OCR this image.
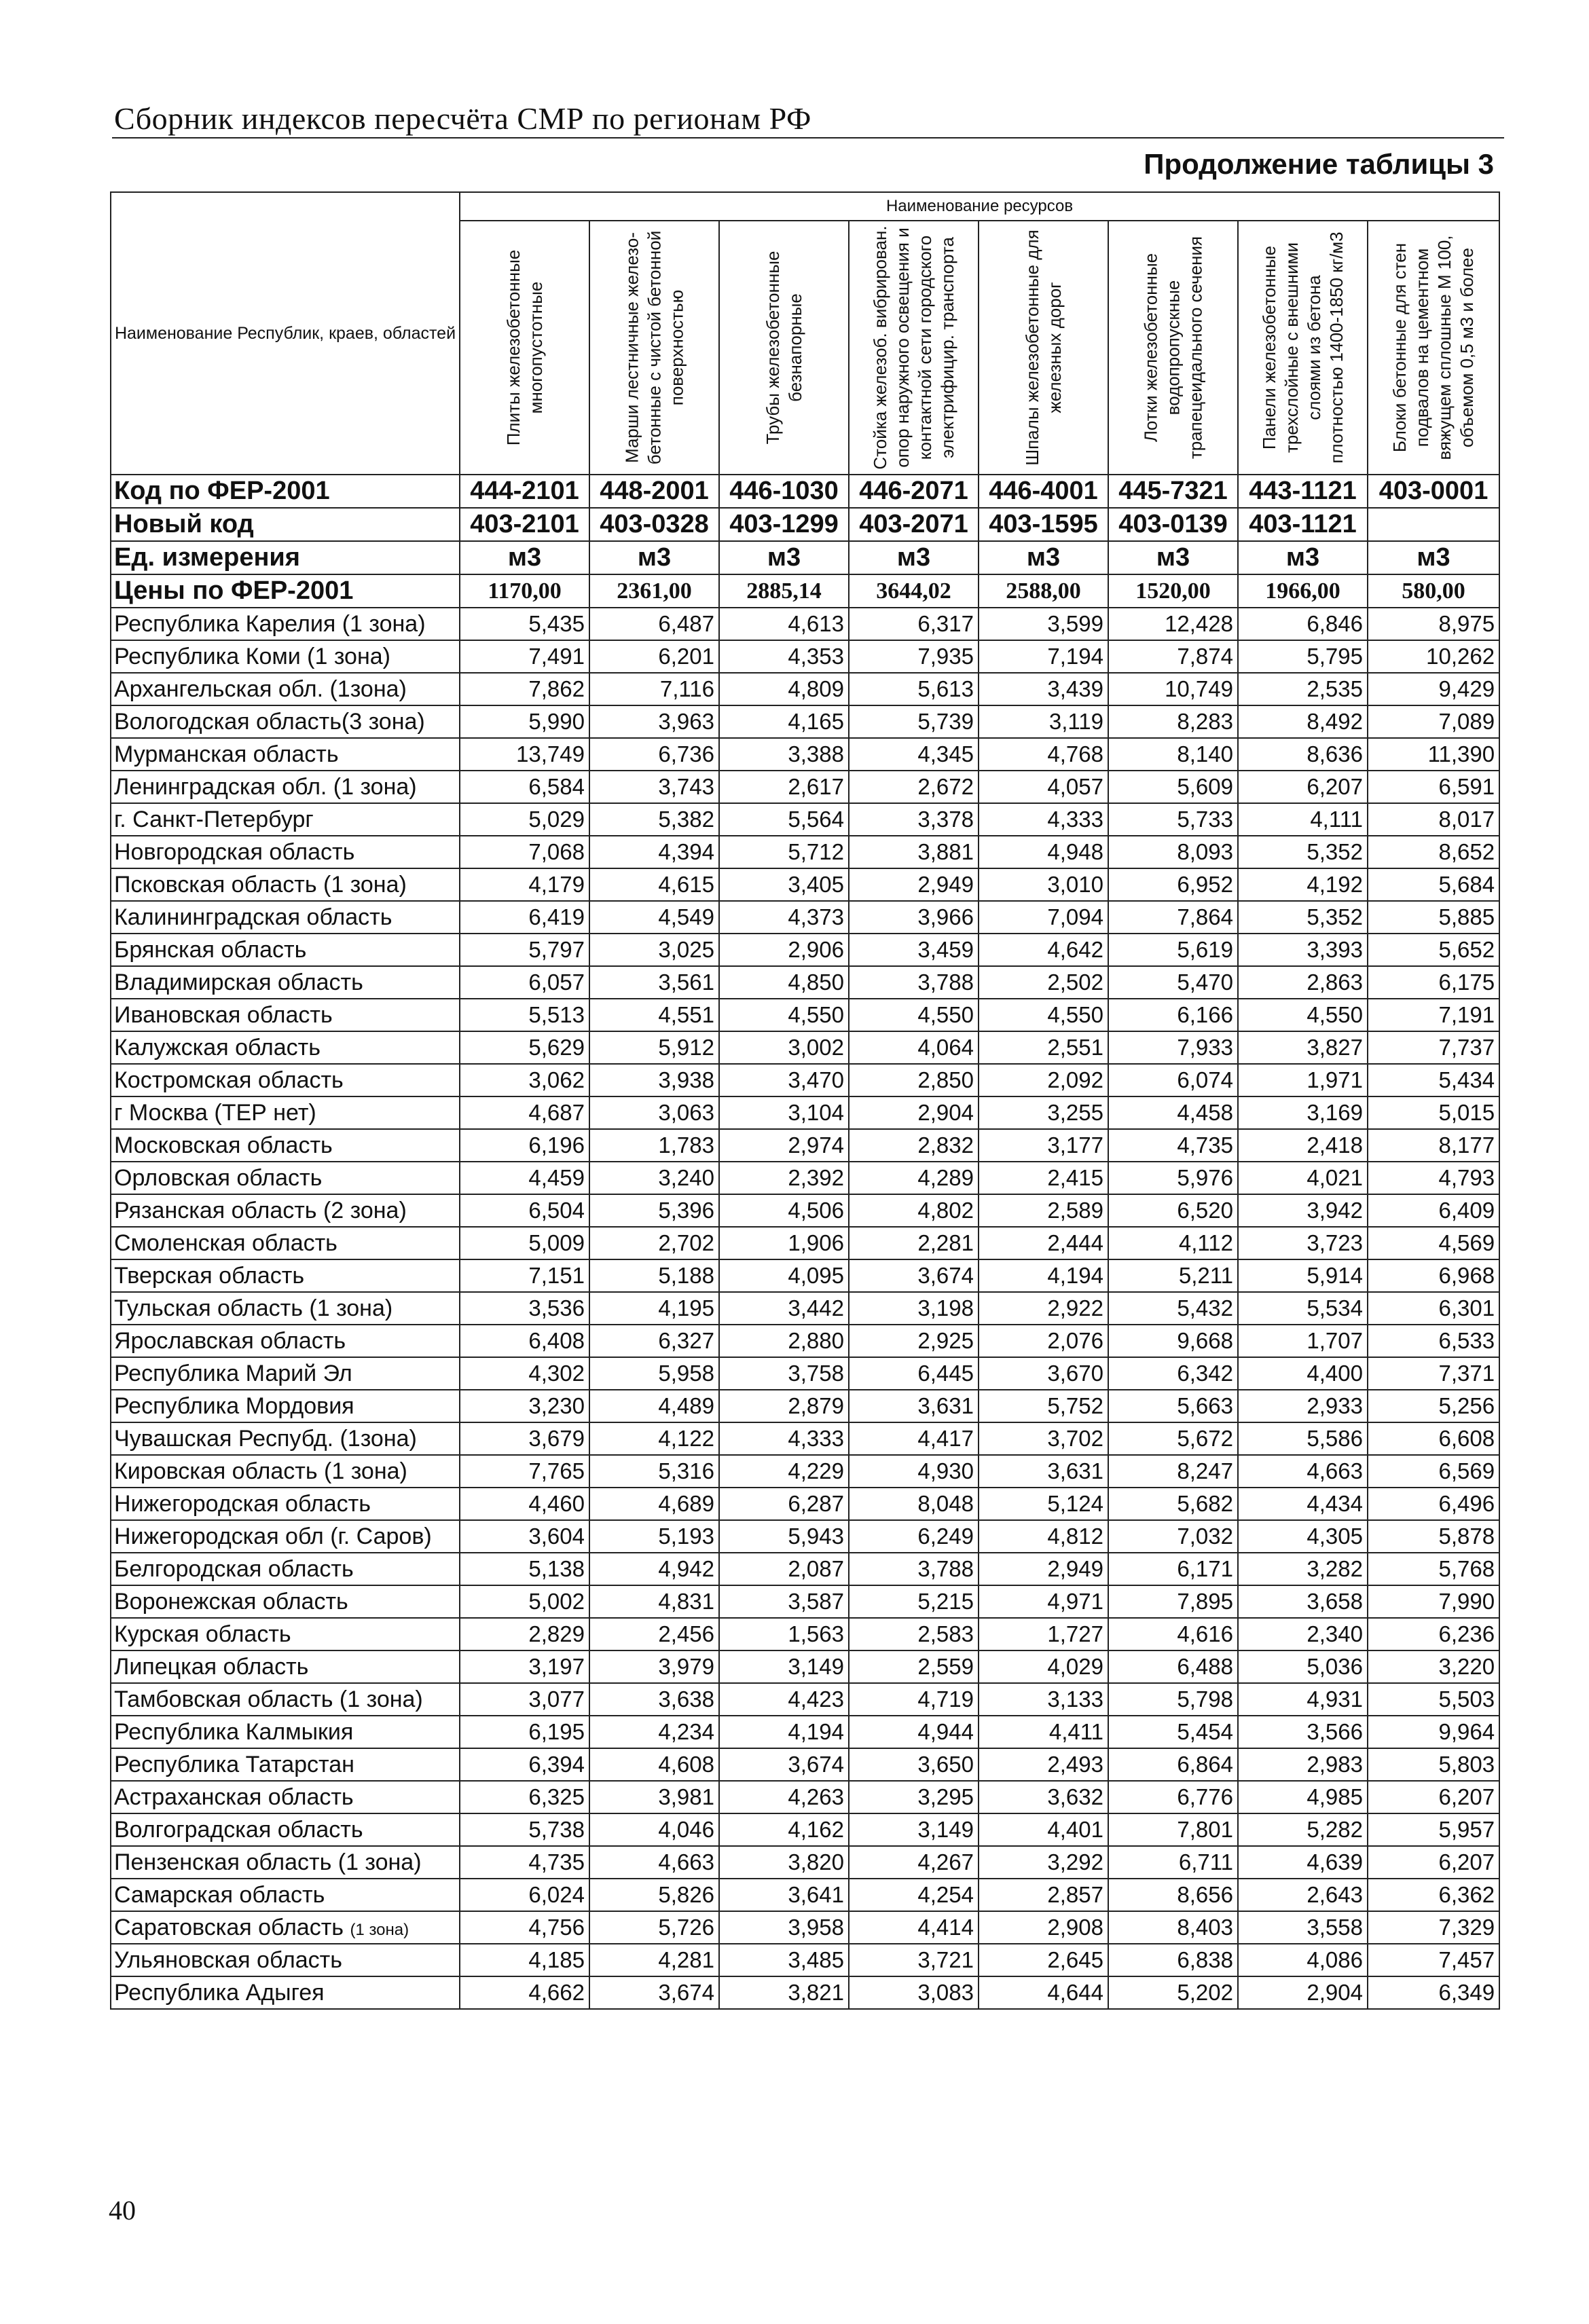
Сборник индексов пересчёта СМР по регионам РФ
Продолжение таблицы 3
Наименование Республик, краев, областей	Наименование ресурсов							

	Плиты железобетонные многопустотные	Марши лестничные железо-бетонные с чистой бетонной поверхностью	Трубы железобетонные безнапорные	Стойка железоб. вибрирован. опор наружного освещения и контактной сети городского электрифицир. транспорта	Шпалы железобетонные для железных дорог	Лотки железобетонные водопропускные трапецеидального сечения	Панели железобетонные трехслойные с внешними слоями из бетона плотностью 1400-1850 кг/м3	Блоки бетонные для стен подвалов на цементном вяжущем сплошные М 100, объемом 0,5 м3 и более

Код по ФЕР-2001	444-2101	448-2001	446-1030	446-2071	446-4001	445-7321	443-1121	403-0001
Новый код	403-2101	403-0328	403-1299	403-2071	403-1595	403-0139	403-1121	
Ед. измерения	м3	м3	м3	м3	м3	м3	м3	м3
Цены по ФЕР-2001	1170,00	2361,00	2885,14	3644,02	2588,00	1520,00	1966,00	580,00
Республика Карелия (1 зона)	5,435	6,487	4,613	6,317	3,599	12,428	6,846	8,975
Республика Коми (1 зона)	7,491	6,201	4,353	7,935	7,194	7,874	5,795	10,262
Архангельская обл. (1зона)	7,862	7,116	4,809	5,613	3,439	10,749	2,535	9,429
Вологодская область(3 зона)	5,990	3,963	4,165	5,739	3,119	8,283	8,492	7,089
Мурманская область	13,749	6,736	3,388	4,345	4,768	8,140	8,636	11,390
Ленинградская обл. (1 зона)	6,584	3,743	2,617	2,672	4,057	5,609	6,207	6,591
г. Санкт-Петербург	5,029	5,382	5,564	3,378	4,333	5,733	4,111	8,017
Новгородская область	7,068	4,394	5,712	3,881	4,948	8,093	5,352	8,652
Псковская область (1 зона)	4,179	4,615	3,405	2,949	3,010	6,952	4,192	5,684
Калининградская область	6,419	4,549	4,373	3,966	7,094	7,864	5,352	5,885
Брянская область	5,797	3,025	2,906	3,459	4,642	5,619	3,393	5,652
Владимирская область	6,057	3,561	4,850	3,788	2,502	5,470	2,863	6,175
Ивановская область	5,513	4,551	4,550	4,550	4,550	6,166	4,550	7,191
Калужская область	5,629	5,912	3,002	4,064	2,551	7,933	3,827	7,737
Костромская область	3,062	3,938	3,470	2,850	2,092	6,074	1,971	5,434
г Москва (ТЕР нет)	4,687	3,063	3,104	2,904	3,255	4,458	3,169	5,015
Московская область	6,196	1,783	2,974	2,832	3,177	4,735	2,418	8,177
Орловская область	4,459	3,240	2,392	4,289	2,415	5,976	4,021	4,793
Рязанская область (2 зона)	6,504	5,396	4,506	4,802	2,589	6,520	3,942	6,409
Смоленская область	5,009	2,702	1,906	2,281	2,444	4,112	3,723	4,569
Тверская область	7,151	5,188	4,095	3,674	4,194	5,211	5,914	6,968
Тульская область (1 зона)	3,536	4,195	3,442	3,198	2,922	5,432	5,534	6,301
Ярославская область	6,408	6,327	2,880	2,925	2,076	9,668	1,707	6,533
Республика Марий Эл	4,302	5,958	3,758	6,445	3,670	6,342	4,400	7,371
Республика Мордовия	3,230	4,489	2,879	3,631	5,752	5,663	2,933	5,256
Чувашская Респубд. (1зона)	3,679	4,122	4,333	4,417	3,702	5,672	5,586	6,608
Кировская область (1 зона)	7,765	5,316	4,229	4,930	3,631	8,247	4,663	6,569
Нижегородская область	4,460	4,689	6,287	8,048	5,124	5,682	4,434	6,496
Нижегородская обл (г. Саров)	3,604	5,193	5,943	6,249	4,812	7,032	4,305	5,878
Белгородская область	5,138	4,942	2,087	3,788	2,949	6,171	3,282	5,768
Воронежская область	5,002	4,831	3,587	5,215	4,971	7,895	3,658	7,990
Курская область	2,829	2,456	1,563	2,583	1,727	4,616	2,340	6,236
Липецкая область	3,197	3,979	3,149	2,559	4,029	6,488	5,036	3,220
Тамбовская область (1 зона)	3,077	3,638	4,423	4,719	3,133	5,798	4,931	5,503
Республика Калмыкия	6,195	4,234	4,194	4,944	4,411	5,454	3,566	9,964
Республика Татарстан	6,394	4,608	3,674	3,650	2,493	6,864	2,983	5,803
Астраханская область	6,325	3,981	4,263	3,295	3,632	6,776	4,985	6,207
Волгоградская область	5,738	4,046	4,162	3,149	4,401	7,801	5,282	5,957
Пензенская область (1 зона)	4,735	4,663	3,820	4,267	3,292	6,711	4,639	6,207
Самарская область	6,024	5,826	3,641	4,254	2,857	8,656	2,643	6,362
Саратовская область (1 зона)	4,756	5,726	3,958	4,414	2,908	8,403	3,558	7,329
Ульяновская область	4,185	4,281	3,485	3,721	2,645	6,838	4,086	7,457
Республика Адыгея	4,662	3,674	3,821	3,083	4,644	5,202	2,904	6,349
40
